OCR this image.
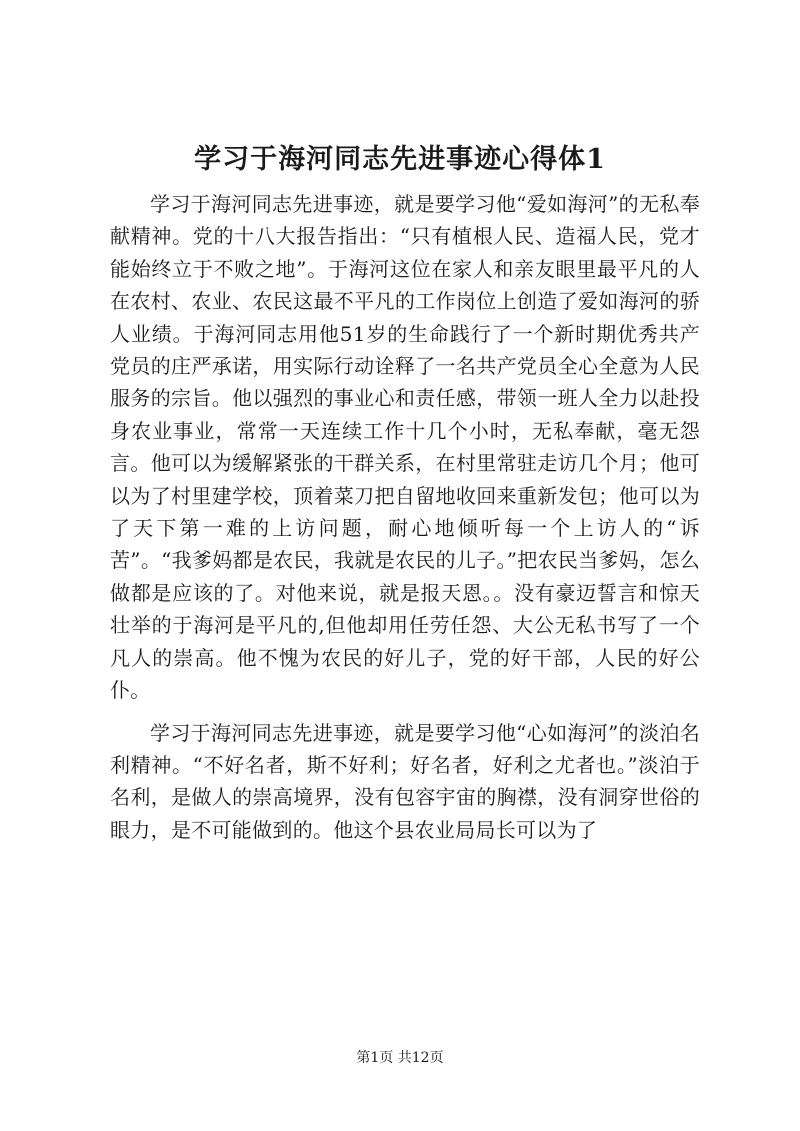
学习于海河同志先进事迹心得体1

学习于海河同志先进事迹，就是要学习他“爱如海河”的无私奉献精神。党的十八大报告指出：“只有植根人民、造福人民，党才能始终立于不败之地”。于海河这位在家人和亲友眼里最平凡的人在农村、农业、农民这最不平凡的工作岗位上创造了爱如海河的骄人业绩。于海河同志用他51岁的生命践行了一个新时期优秀共产党员的庄严承诺，用实际行动诠释了一名共产党员全心全意为人民服务的宗旨。他以强烈的事业心和责任感，带领一班人全力以赴投身农业事业，常常一天连续工作十几个小时，无私奉献，毫无怨言。他可以为缓解紧张的干群关系，在村里常驻走访几个月；他可以为了村里建学校，顶着菜刀把自留地收回来重新发包；他可以为了天下第一难的上访问题，耐心地倾听每一个上访人的“诉苦”。“我爹妈都是农民，我就是农民的儿子。”把农民当爹妈，怎么做都是应该的了。对他来说，就是报天恩。。没有豪迈誓言和惊天壮举的于海河是平凡的,但他却用任劳任怨、大公无私书写了一个凡人的崇高。他不愧为农民的好儿子，党的好干部，人民的好公仆。

学习于海河同志先进事迹，就是要学习他“心如海河”的淡泊名利精神。“不好名者，斯不好利；好名者，好利之尤者也。”淡泊于名利，是做人的崇高境界，没有包容宇宙的胸襟，没有洞穿世俗的眼力，是不可能做到的。他这个县农业局局长可以为了

第1页 共12页
